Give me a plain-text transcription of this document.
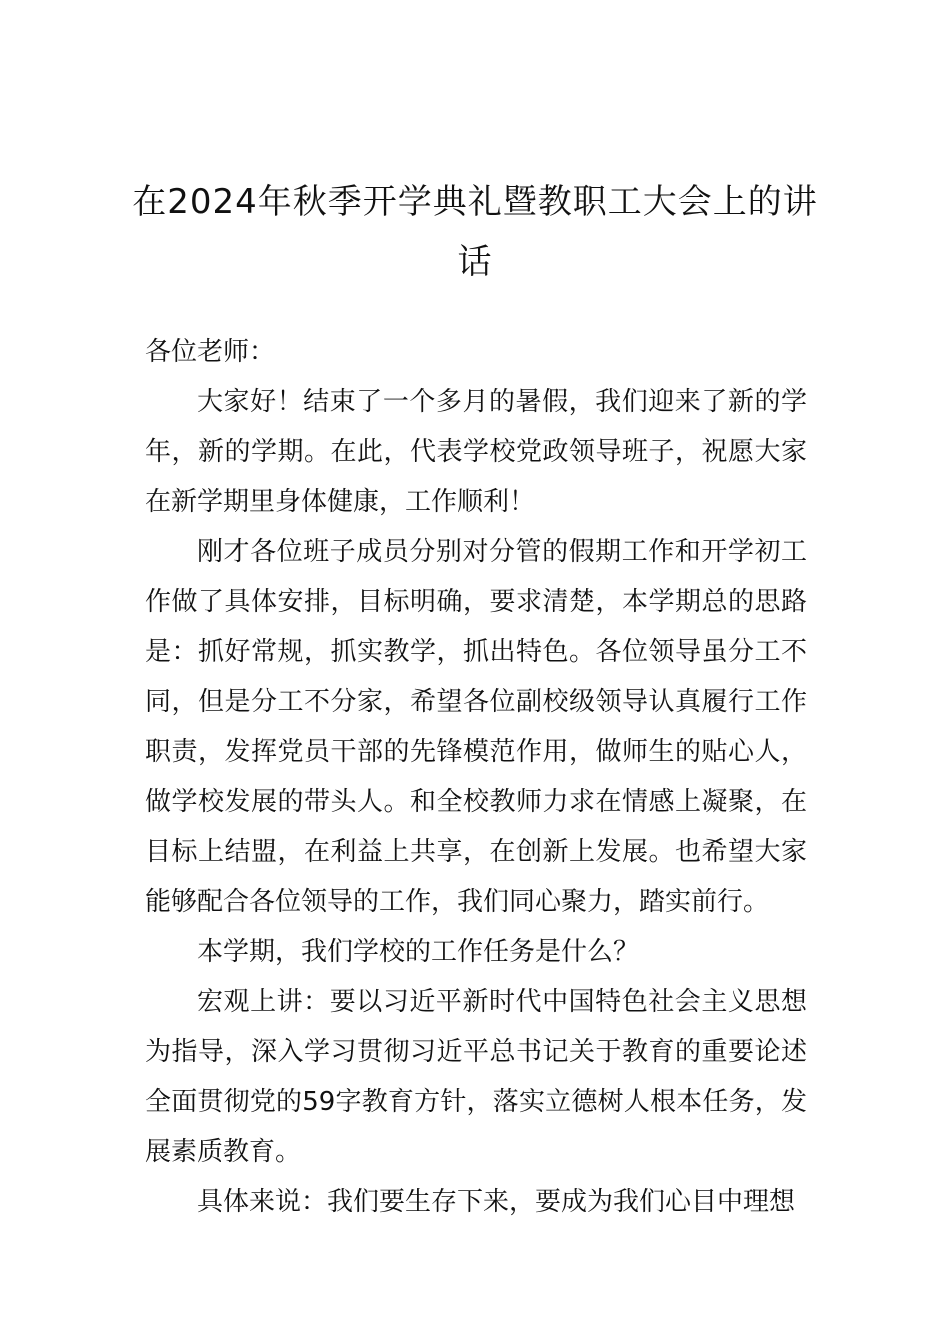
在2024年秋季开学典礼暨教职工大会上的讲话

各位老师：

大家好！结束了一个多月的暑假，我们迎来了新的学年，新的学期。在此，代表学校党政领导班子，祝愿大家在新学期里身体健康，工作顺利！

刚才各位班子成员分别对分管的假期工作和开学初工作做了具体安排，目标明确，要求清楚，本学期总的思路是：抓好常规，抓实教学，抓出特色。各位领导虽分工不同，但是分工不分家，希望各位副校级领导认真履行工作职责，发挥党员干部的先锋模范作用，做师生的贴心人，做学校发展的带头人。和全校教师力求在情感上凝聚，在目标上结盟，在利益上共享，在创新上发展。也希望大家能够配合各位领导的工作，我们同心聚力，踏实前行。

本学期，我们学校的工作任务是什么？

宏观上讲：要以习近平新时代中国特色社会主义思想为指导，深入学习贯彻习近平总书记关于教育的重要论述全面贯彻党的59字教育方针，落实立德树人根本任务，发展素质教育。

具体来说：我们要生存下来，要成为我们心目中理想
